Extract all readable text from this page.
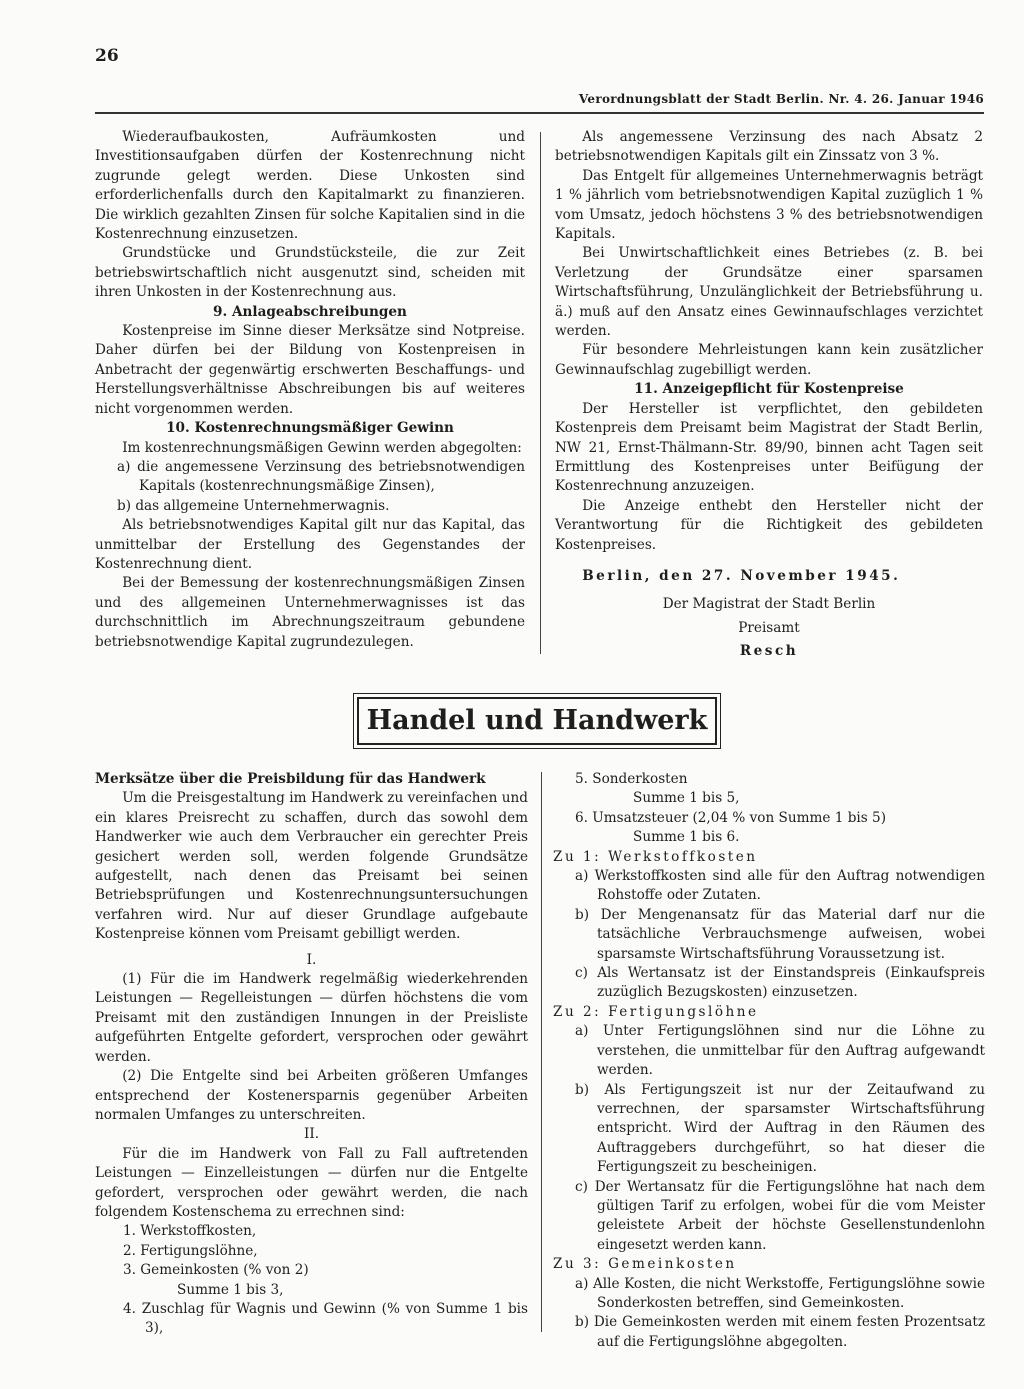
26
Verordnungsblatt der Stadt Berlin. Nr. 4. 26. Januar 1946

Wiederaufbaukosten, Aufräumkosten und Investitionsaufgaben dürfen der Kostenrechnung nicht zugrunde gelegt werden. Diese Unkosten sind erforderlichenfalls durch den Kapitalmarkt zu finanzieren. Die wirklich gezahlten Zinsen für solche Kapitalien sind in die Kostenrechnung einzusetzen.

Grundstücke und Grundstücksteile, die zur Zeit betriebswirtschaftlich nicht ausgenutzt sind, scheiden mit ihren Unkosten in der Kostenrechnung aus.

9. Anlageabschreibungen

Kostenpreise im Sinne dieser Merksätze sind Notpreise. Daher dürfen bei der Bildung von Kostenpreisen in Anbetracht der gegenwärtig erschwerten Beschaffungs- und Herstellungsverhältnisse Abschreibungen bis auf weiteres nicht vorgenommen werden.

10. Kostenrechnungsmäßiger Gewinn

Im kostenrechnungsmäßigen Gewinn werden abgegolten:

a) die angemessene Verzinsung des betriebsnotwendigen Kapitals (kostenrechnungsmäßige Zinsen),

b) das allgemeine Unternehmerwagnis.

Als betriebsnotwendiges Kapital gilt nur das Kapital, das unmittelbar der Erstellung des Gegenstandes der Kostenrechnung dient.

Bei der Bemessung der kostenrechnungsmäßigen Zinsen und des allgemeinen Unternehmerwagnisses ist das durchschnittlich im Abrechnungszeitraum gebundene betriebsnotwendige Kapital zugrundezulegen.

Als angemessene Verzinsung des nach Absatz 2 betriebsnotwendigen Kapitals gilt ein Zinssatz von 3 %.

Das Entgelt für allgemeines Unternehmerwagnis beträgt 1 % jährlich vom betriebsnotwendigen Kapital zuzüglich 1 % vom Umsatz, jedoch höchstens 3 % des betriebsnotwendigen Kapitals.

Bei Unwirtschaftlichkeit eines Betriebes (z. B. bei Verletzung der Grundsätze einer sparsamen Wirtschaftsführung, Unzulänglichkeit der Betriebsführung u. ä.) muß auf den Ansatz eines Gewinnaufschlages verzichtet werden.

Für besondere Mehrleistungen kann kein zusätzlicher Gewinnaufschlag zugebilligt werden.

11. Anzeigepflicht für Kostenpreise

Der Hersteller ist verpflichtet, den gebildeten Kostenpreis dem Preisamt beim Magistrat der Stadt Berlin, NW 21, Ernst-Thälmann-Str. 89/90, binnen acht Tagen seit Ermittlung des Kostenpreises unter Beifügung der Kostenrechnung anzuzeigen.

Die Anzeige enthebt den Hersteller nicht der Verantwortung für die Richtigkeit des gebildeten Kostenpreises.

Berlin, den 27. November 1945.

Der Magistrat der Stadt Berlin

Preisamt

Resch

Handel und Handwerk

Merksätze über die Preisbildung für das Handwerk

Um die Preisgestaltung im Handwerk zu vereinfachen und ein klares Preisrecht zu schaffen, durch das sowohl dem Handwerker wie auch dem Verbraucher ein gerechter Preis gesichert werden soll, werden folgende Grundsätze aufgestellt, nach denen das Preisamt bei seinen Betriebsprüfungen und Kostenrechnungsuntersuchungen verfahren wird. Nur auf dieser Grundlage aufgebaute Kostenpreise können vom Preisamt gebilligt werden.

I.

(1) Für die im Handwerk regelmäßig wiederkehrenden Leistungen — Regelleistungen — dürfen höchstens die vom Preisamt mit den zuständigen Innungen in der Preisliste aufgeführten Entgelte gefordert, versprochen oder gewährt werden.

(2) Die Entgelte sind bei Arbeiten größeren Umfanges entsprechend der Kostenersparnis gegenüber Arbeiten normalen Umfanges zu unterschreiten.

II.

Für die im Handwerk von Fall zu Fall auftretenden Leistungen — Einzelleistungen — dürfen nur die Entgelte gefordert, versprochen oder gewährt werden, die nach folgendem Kostenschema zu errechnen sind:

1. Werkstoffkosten,

2. Fertigungslöhne,

3. Gemeinkosten (% von 2)

Summe 1 bis 3,

4. Zuschlag für Wagnis und Gewinn (% von Summe 1 bis 3),

5. Sonderkosten

Summe 1 bis 5,

6. Umsatzsteuer (2,04 % von Summe 1 bis 5)

Summe 1 bis 6.

Zu 1: Werkstoffkosten

a) Werkstoffkosten sind alle für den Auftrag notwendigen Rohstoffe oder Zutaten.

b) Der Mengenansatz für das Material darf nur die tatsächliche Verbrauchsmenge aufweisen, wobei sparsamste Wirtschaftsführung Voraussetzung ist.

c) Als Wertansatz ist der Einstandspreis (Einkaufspreis zuzüglich Bezugskosten) einzusetzen.

Zu 2: Fertigungslöhne

a) Unter Fertigungslöhnen sind nur die Löhne zu verstehen, die unmittelbar für den Auftrag aufgewandt werden.

b) Als Fertigungszeit ist nur der Zeitaufwand zu verrechnen, der sparsamster Wirtschaftsführung entspricht. Wird der Auftrag in den Räumen des Auftraggebers durchgeführt, so hat dieser die Fertigungszeit zu bescheinigen.

c) Der Wertansatz für die Fertigungslöhne hat nach dem gültigen Tarif zu erfolgen, wobei für die vom Meister geleistete Arbeit der höchste Gesellenstundenlohn eingesetzt werden kann.

Zu 3: Gemeinkosten

a) Alle Kosten, die nicht Werkstoffe, Fertigungslöhne sowie Sonderkosten betreffen, sind Gemeinkosten.

b) Die Gemeinkosten werden mit einem festen Prozentsatz auf die Fertigungslöhne abgegolten.
